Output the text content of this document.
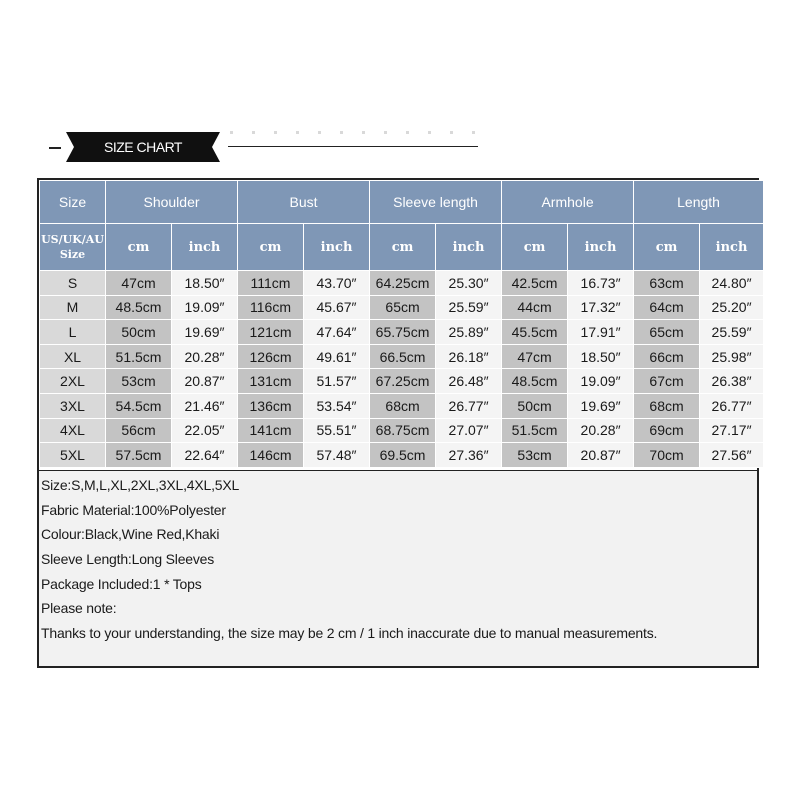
SIZE CHART
Size	Shoulder		Bust		Sleeve length		Armhole		Length	

US/UK/AU
Size	cm	inch	cm	inch	cm	inch	cm	inch	cm	inch
S	47cm	18.50″	111cm	43.70″	64.25cm	25.30″	42.5cm	16.73″	63cm	24.80″
M	48.5cm	19.09″	116cm	45.67″	65cm	25.59″	44cm	17.32″	64cm	25.20″
L	50cm	19.69″	121cm	47.64″	65.75cm	25.89″	45.5cm	17.91″	65cm	25.59″
XL	51.5cm	20.28″	126cm	49.61″	66.5cm	26.18″	47cm	18.50″	66cm	25.98″
2XL	53cm	20.87″	131cm	51.57″	67.25cm	26.48″	48.5cm	19.09″	67cm	26.38″
3XL	54.5cm	21.46″	136cm	53.54″	68cm	26.77″	50cm	19.69″	68cm	26.77″
4XL	56cm	22.05″	141cm	55.51″	68.75cm	27.07″	51.5cm	20.28″	69cm	27.17″
5XL	57.5cm	22.64″	146cm	57.48″	69.5cm	27.36″	53cm	20.87″	70cm	27.56″
Size:S,M,L,XL,2XL,3XL,4XL,5XL
Fabric Material:100%Polyester
Colour:Black,Wine Red,Khaki
Sleeve Length:Long Sleeves
Package Included:1 * Tops
Please note:
Thanks to your understanding, the size may be 2 cm / 1 inch inaccurate due to manual measurements.
